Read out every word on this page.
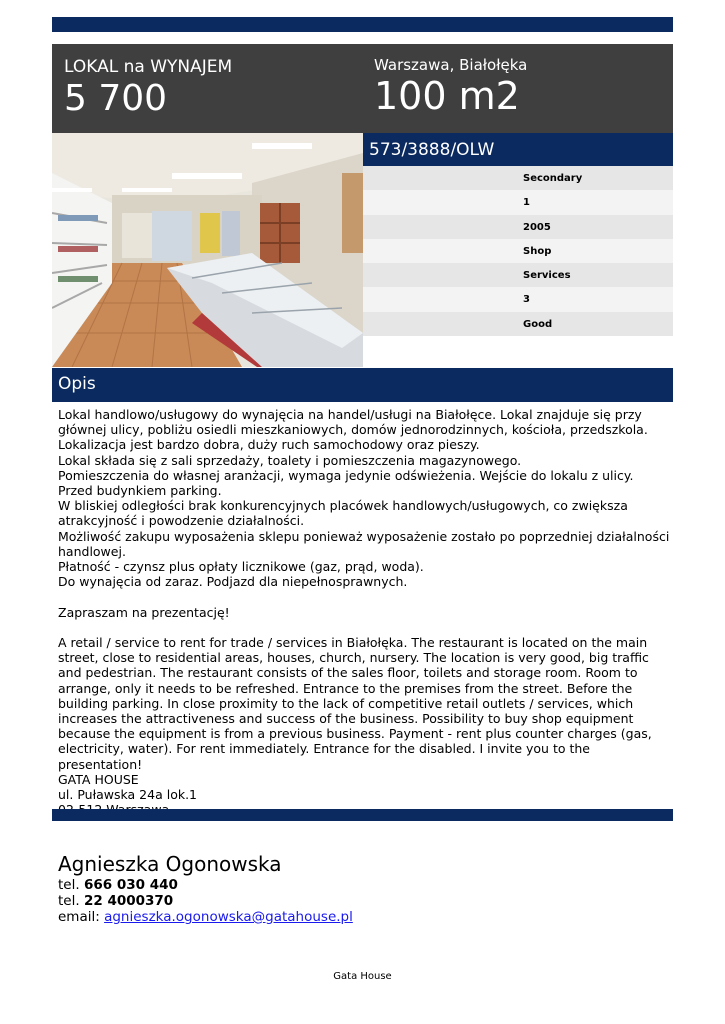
LOKAL na WYNAJEM
5 700
Warszawa, Białołęka
100 m2
573/3888/OLW
Secondary
1
2005
Shop
Services
3
Good
Opis
Lokal handlowo/usługowy do wynajęcia na handel/usługi na Białołęce. Lokal znajduje się przy głównej ulicy, pobliżu osiedli mieszkaniowych, domów jednorodzinnych, kościoła, przedszkola. Lokalizacja jest bardzo dobra, duży ruch samochodowy oraz pieszy.
Lokal składa się z sali sprzedaży, toalety i pomieszczenia magazynowego.
Pomieszczenia do własnej aranżacji, wymaga jedynie odświeżenia. Wejście do lokalu z ulicy. Przed budynkiem parking.
W bliskiej odległości brak konkurencyjnych placówek handlowych/usługowych, co zwiększa atrakcyjność i powodzenie działalności.
Możliwość zakupu wyposażenia sklepu ponieważ wyposażenie zostało po poprzedniej działalności handlowej.
Płatność - czynsz plus opłaty licznikowe (gaz, prąd, woda).
Do wynajęcia od zaraz. Podjazd dla niepełnosprawnych.

Zapraszam na prezentację!

A retail / service to rent for trade / services in Białołęka. The restaurant is located on the main street, close to residential areas, houses, church, nursery. The location is very good, big traffic and pedestrian. The restaurant consists of the sales floor, toilets and storage room. Room to arrange, only it needs to be refreshed. Entrance to the premises from the street. Before the building parking. In close proximity to the lack of competitive retail outlets / services, which increases the attractiveness and success of the business. Possibility to buy shop equipment because the equipment is from a previous business. Payment - rent plus counter charges (gas, electricity, water). For rent immediately. Entrance for the disabled. I invite you to the presentation!
GATA HOUSE
ul. Puławska 24a lok.1

Agnieszka Ogonowska
tel. 666 030 440
tel. 22 4000370
email: agnieszka.ogonowska@gatahouse.pl
Gata House
